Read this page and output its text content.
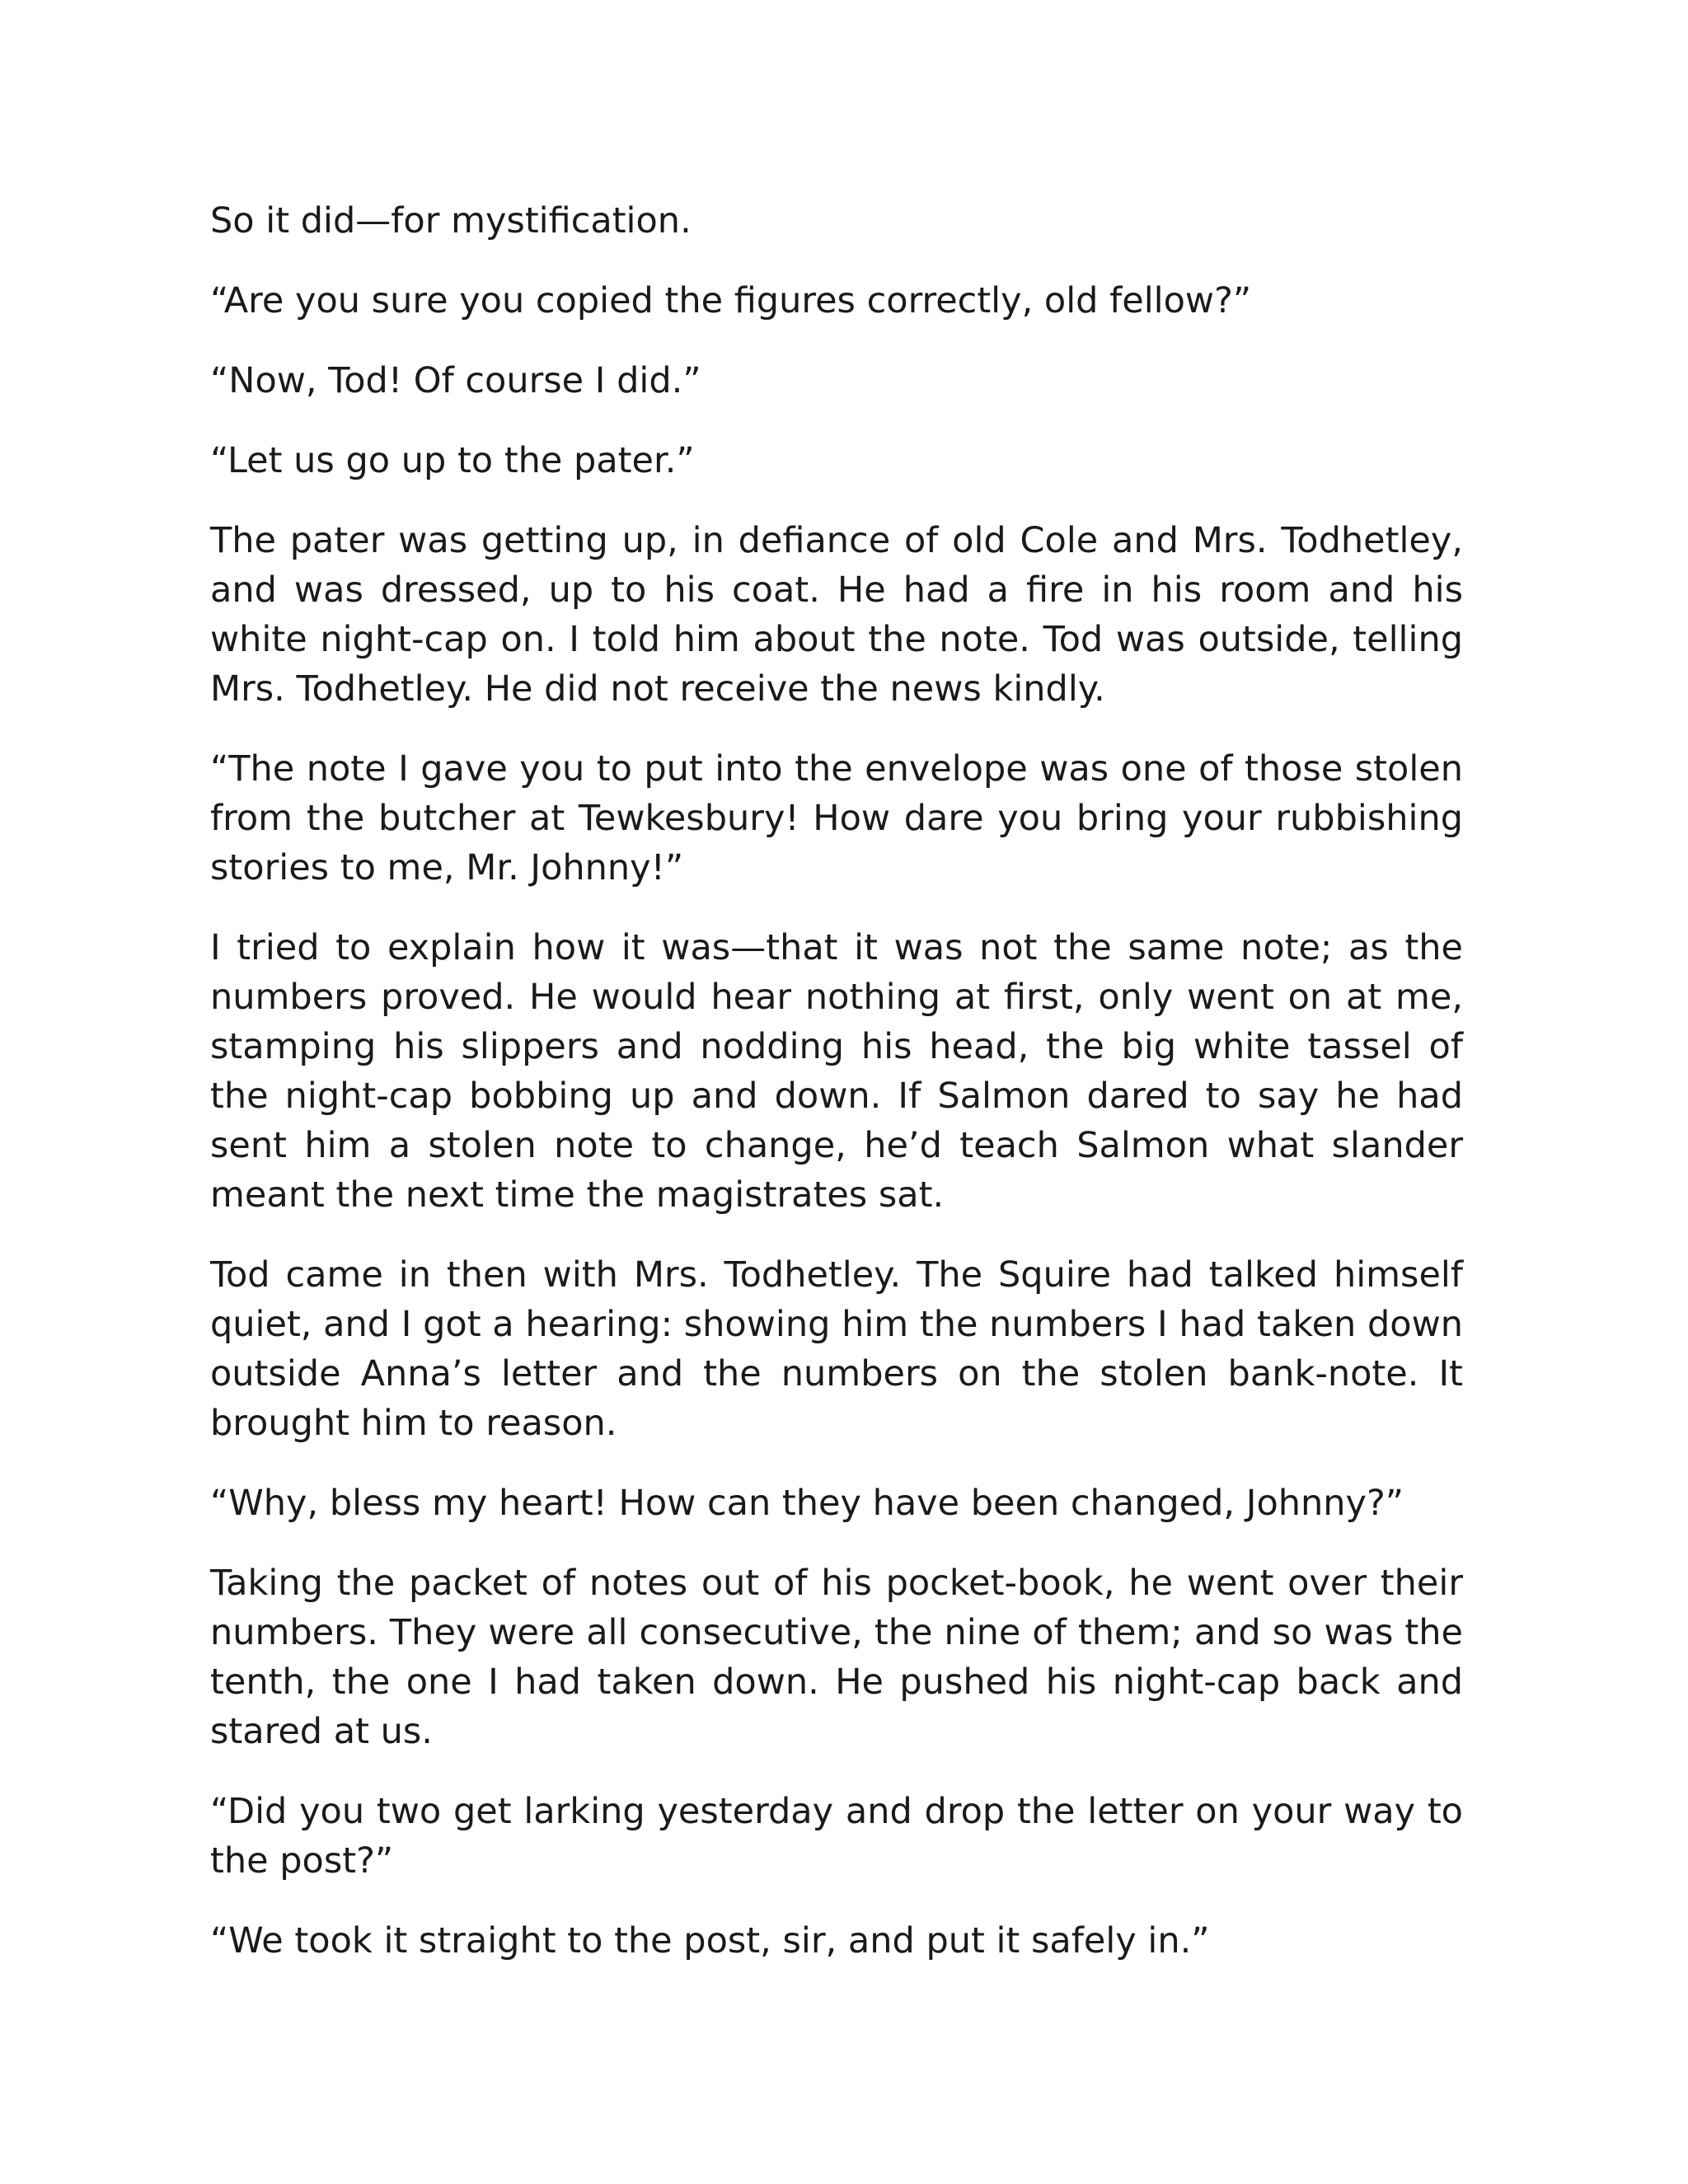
So it did—for mystification.

“Are you sure you copied the figures correctly, old fellow?”

“Now, Tod! Of course I did.”

“Let us go up to the pater.”

The pater was getting up, in defiance of old Cole and Mrs. Todhetley, and was dressed, up to his coat. He had a fire in his room and his white night-cap on. I told him about the note. Tod was outside, telling Mrs. Todhetley. He did not receive the news kindly.

“The note I gave you to put into the envelope was one of those stolen from the butcher at Tewkesbury! How dare you bring your rubbishing stories to me, Mr. Johnny!”

I tried to explain how it was—that it was not the same note; as the numbers proved. He would hear nothing at first, only went on at me, stamping his slippers and nodding his head, the big white tassel of the night-cap bobbing up and down. If Salmon dared to say he had sent him a stolen note to change, he’d teach Salmon what slander meant the next time the magistrates sat.

Tod came in then with Mrs. Todhetley. The Squire had talked himself quiet, and I got a hearing: showing him the numbers I had taken down outside Anna’s letter and the numbers on the stolen bank-note. It brought him to reason.

“Why, bless my heart! How can they have been changed, Johnny?”

Taking the packet of notes out of his pocket-book, he went over their numbers. They were all consecutive, the nine of them; and so was the tenth, the one I had taken down. He pushed his night-cap back and stared at us.

“Did you two get larking yesterday and drop the letter on your way to the post?”

“We took it straight to the post, sir, and put it safely in.”
